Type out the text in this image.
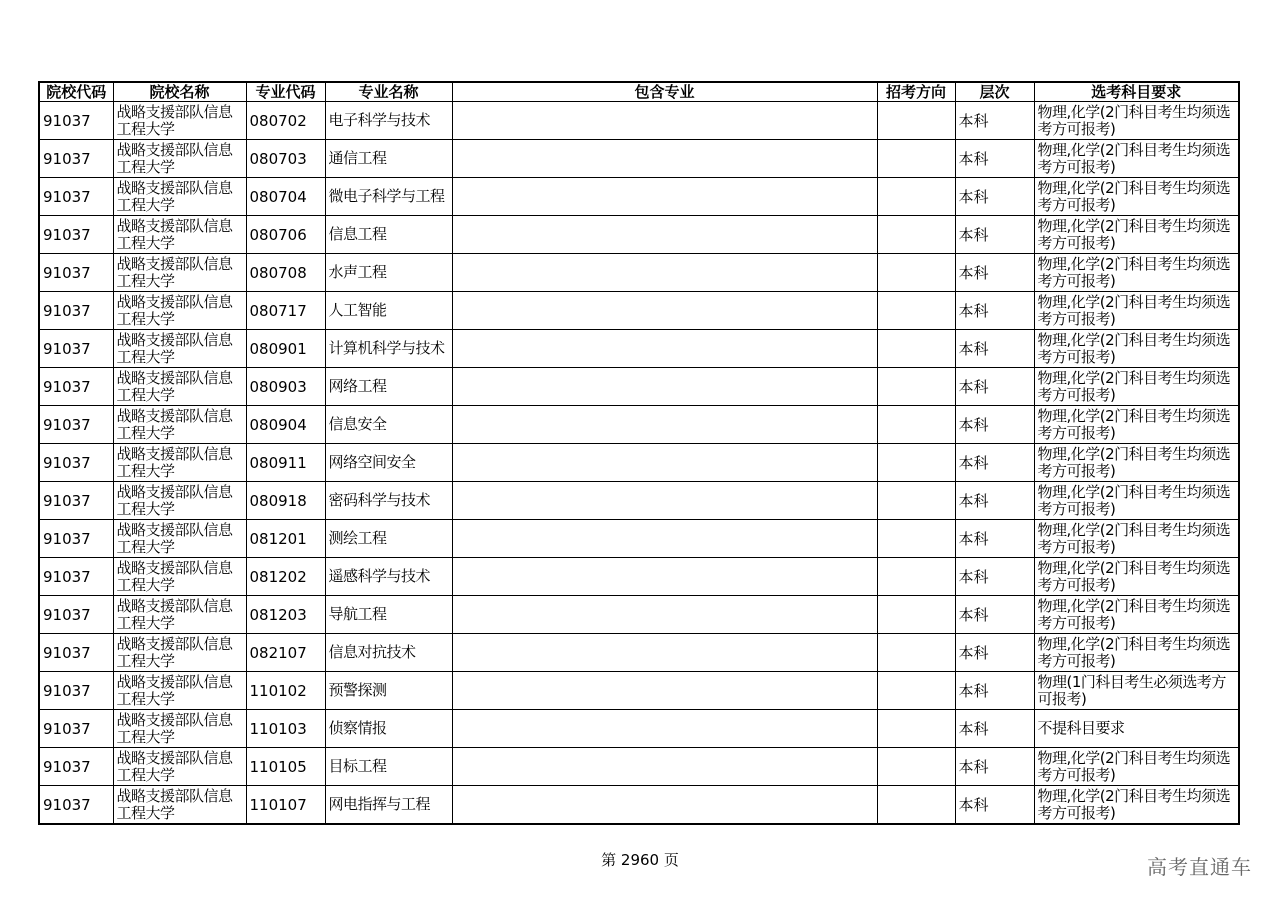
院校代码	院校名称	专业代码	专业名称	包含专业	招考方向	层次	选考科目要求
91037	战略支援部队信息工程大学	080702	电子科学与技术			本科	物理,化学(2门科目考生均须选考方可报考)
91037	战略支援部队信息工程大学	080703	通信工程			本科	物理,化学(2门科目考生均须选考方可报考)
91037	战略支援部队信息工程大学	080704	微电子科学与工程			本科	物理,化学(2门科目考生均须选考方可报考)
91037	战略支援部队信息工程大学	080706	信息工程			本科	物理,化学(2门科目考生均须选考方可报考)
91037	战略支援部队信息工程大学	080708	水声工程			本科	物理,化学(2门科目考生均须选考方可报考)
91037	战略支援部队信息工程大学	080717	人工智能			本科	物理,化学(2门科目考生均须选考方可报考)
91037	战略支援部队信息工程大学	080901	计算机科学与技术			本科	物理,化学(2门科目考生均须选考方可报考)
91037	战略支援部队信息工程大学	080903	网络工程			本科	物理,化学(2门科目考生均须选考方可报考)
91037	战略支援部队信息工程大学	080904	信息安全			本科	物理,化学(2门科目考生均须选考方可报考)
91037	战略支援部队信息工程大学	080911	网络空间安全			本科	物理,化学(2门科目考生均须选考方可报考)
91037	战略支援部队信息工程大学	080918	密码科学与技术			本科	物理,化学(2门科目考生均须选考方可报考)
91037	战略支援部队信息工程大学	081201	测绘工程			本科	物理,化学(2门科目考生均须选考方可报考)
91037	战略支援部队信息工程大学	081202	遥感科学与技术			本科	物理,化学(2门科目考生均须选考方可报考)
91037	战略支援部队信息工程大学	081203	导航工程			本科	物理,化学(2门科目考生均须选考方可报考)
91037	战略支援部队信息工程大学	082107	信息对抗技术			本科	物理,化学(2门科目考生均须选考方可报考)
91037	战略支援部队信息工程大学	110102	预警探测			本科	物理(1门科目考生必须选考方可报考)
91037	战略支援部队信息工程大学	110103	侦察情报			本科	不提科目要求
91037	战略支援部队信息工程大学	110105	目标工程			本科	物理,化学(2门科目考生均须选考方可报考)
91037	战略支援部队信息工程大学	110107	网电指挥与工程			本科	物理,化学(2门科目考生均须选考方可报考)
第 2960 页	高考直通车
